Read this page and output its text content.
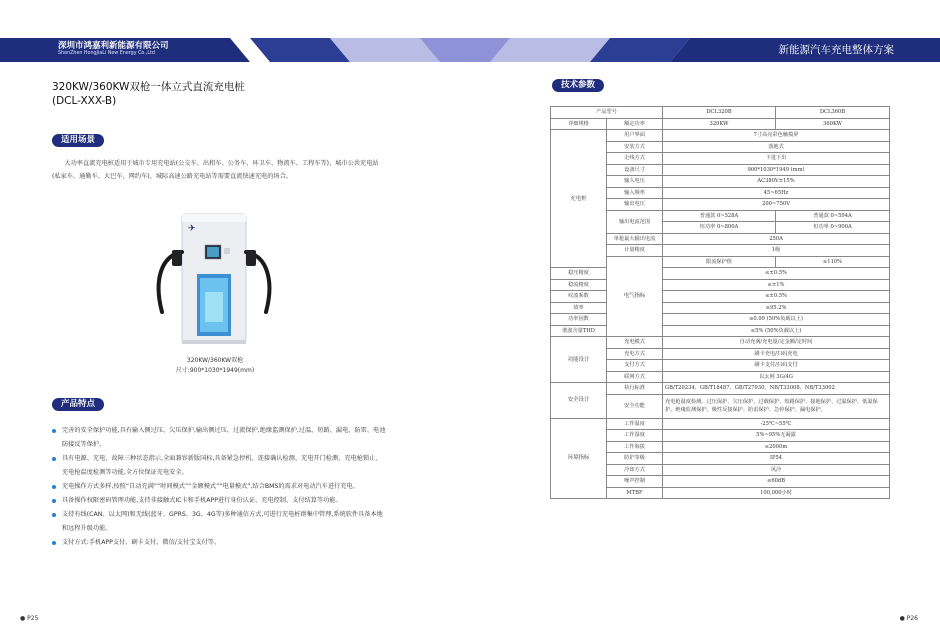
深圳市鸿嘉利新能源有限公司
ShenZhen HongJiaLi New Energy Co.,Ltd	新能源汽车充电整体方案
320KW/360KW双枪一体立式直流充电桩
(DCL-XXX-B)
适用场景
大功率直流充电桩适用于城市专用充电站(公交车、出租车、公务车、环卫车、物流车、工程车等)、城市公共充电站(私家车、通勤车、大巴车、网约车)、城际高速公路充电站等需要直流快速充电的场合。
✈
320KW/360KW双枪
尺寸:900*1030*1949(mm)
产品特点
完善的安全保护功能,具有输入侧过压、欠压保护,输出侧过压、过流保护,绝缘监测保护,过温、短路、漏电、防雷、电池防接反等保护。
具有电源、充电、故障三种状态指示,全面兼容新版国标,具备紧急停机、连接确认检测、充电开门检测、充电枪锁止、充电枪温度检测等功能,全方位保证充电安全。
充电操作方式多样,按照“自动充满”“时间模式”“金额模式”“电量模式”,结合BMS的需求对电动汽车进行充电。
具备操作权限密码管理功能,支持非接触式IC卡和手机APP进行身份认证、充电控制、支付结算等功能。
支持有线(CAN、以太网)和无线(蓝牙、GPRS、3G、4G等)多种通信方式,可进行充电桩群集中管理,系统软件具备本地和远程升级功能。
支付方式:手机APP支付、刷卡支付、微信/支付宝支付等。
● P25
技术参数
产品型号		DCL320B	DCL360B
详细规格	额定功率	320KW	360KW
充电桩	用户界面	7寸高亮彩色触摸屏	
	安装方式	落地式	
	走线方式	下进下出	
	设备尺寸	900*1030*1949 (mm)	
	输入电压	AC380V±15%	
	输入频率	45~65Hz	
	输出电压	200~750V	
	输出电流范围	普通款 0~528A	普通款 0~594A
		恒功率 0~800A	恒功率 0~900A
	单枪最大输出电流	250A	
	计量精度	1级	
	电气指标	限流保护值	≥110%
稳压精度		≤±0.5%	
稳流精度		≤±1%	
纹波系数		≤±0.5%	
效率		≥95.2%	
功率因数		≥0.99 (50%负载以上)	
谐波含量THD		≤5% (50%负载以上)	
功能设计	充电模式	自动充满/充电量/定金额/定时间	
	充电方式	刷卡充电/扫码充电	
	支付方式	刷卡支付/扫码支付	
	联网方式	以太网 3G/4G	
安全设计	执行标准	GB/T20234、GB/T18487、GB/T27930、NB/T33008、NB/T33002	
	安全功能	充电枪温度检测、过压保护、欠压保护、过载保护、短路保护、接地保护、过温保护、低温保护、绝缘监测保护、极性反接保护、防雷保护、急停保护、漏电保护。	
环境指标	工作温度	-25℃~55℃	
	工作湿度	5%~95%无凝露	
	工作海拔	≤2000m	
	防护等级	IP54	
	冷却方式	风冷	
	噪声控制	≤60dB	
	MTBF	100,000小时	
● P26
